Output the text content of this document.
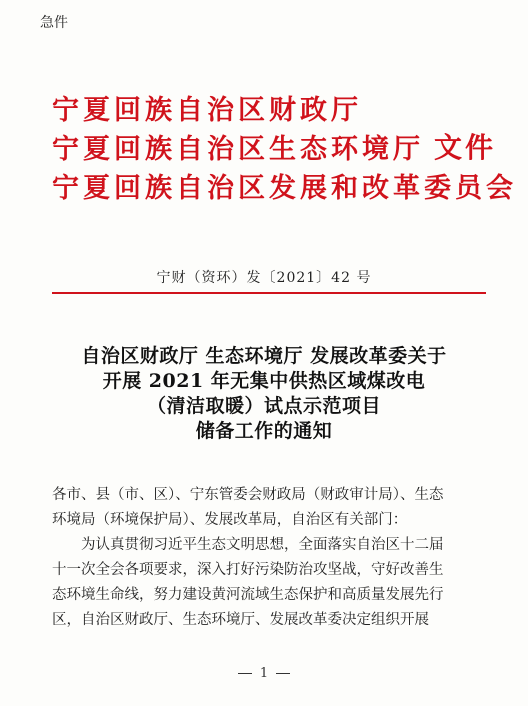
急件
宁夏回族自治区财政厅
宁夏回族自治区生态环境厅 文件
宁夏回族自治区发展和改革委员会
宁财（资环）发〔2021〕42 号
自治区财政厅 生态环境厅 发展改革委关于
开展 2021 年无集中供热区域煤改电
（清洁取暖）试点示范项目
储备工作的通知
各市、县（市、区）、宁东管委会财政局（财政审计局）、生态
环境局（环境保护局）、发展改革局，自治区有关部门：
为认真贯彻习近平生态文明思想，全面落实自治区十二届
十一次全会各项要求，深入打好污染防治攻坚战，守好改善生
态环境生命线，努力建设黄河流域生态保护和高质量发展先行
区，自治区财政厅、生态环境厅、发展改革委决定组织开展
1
